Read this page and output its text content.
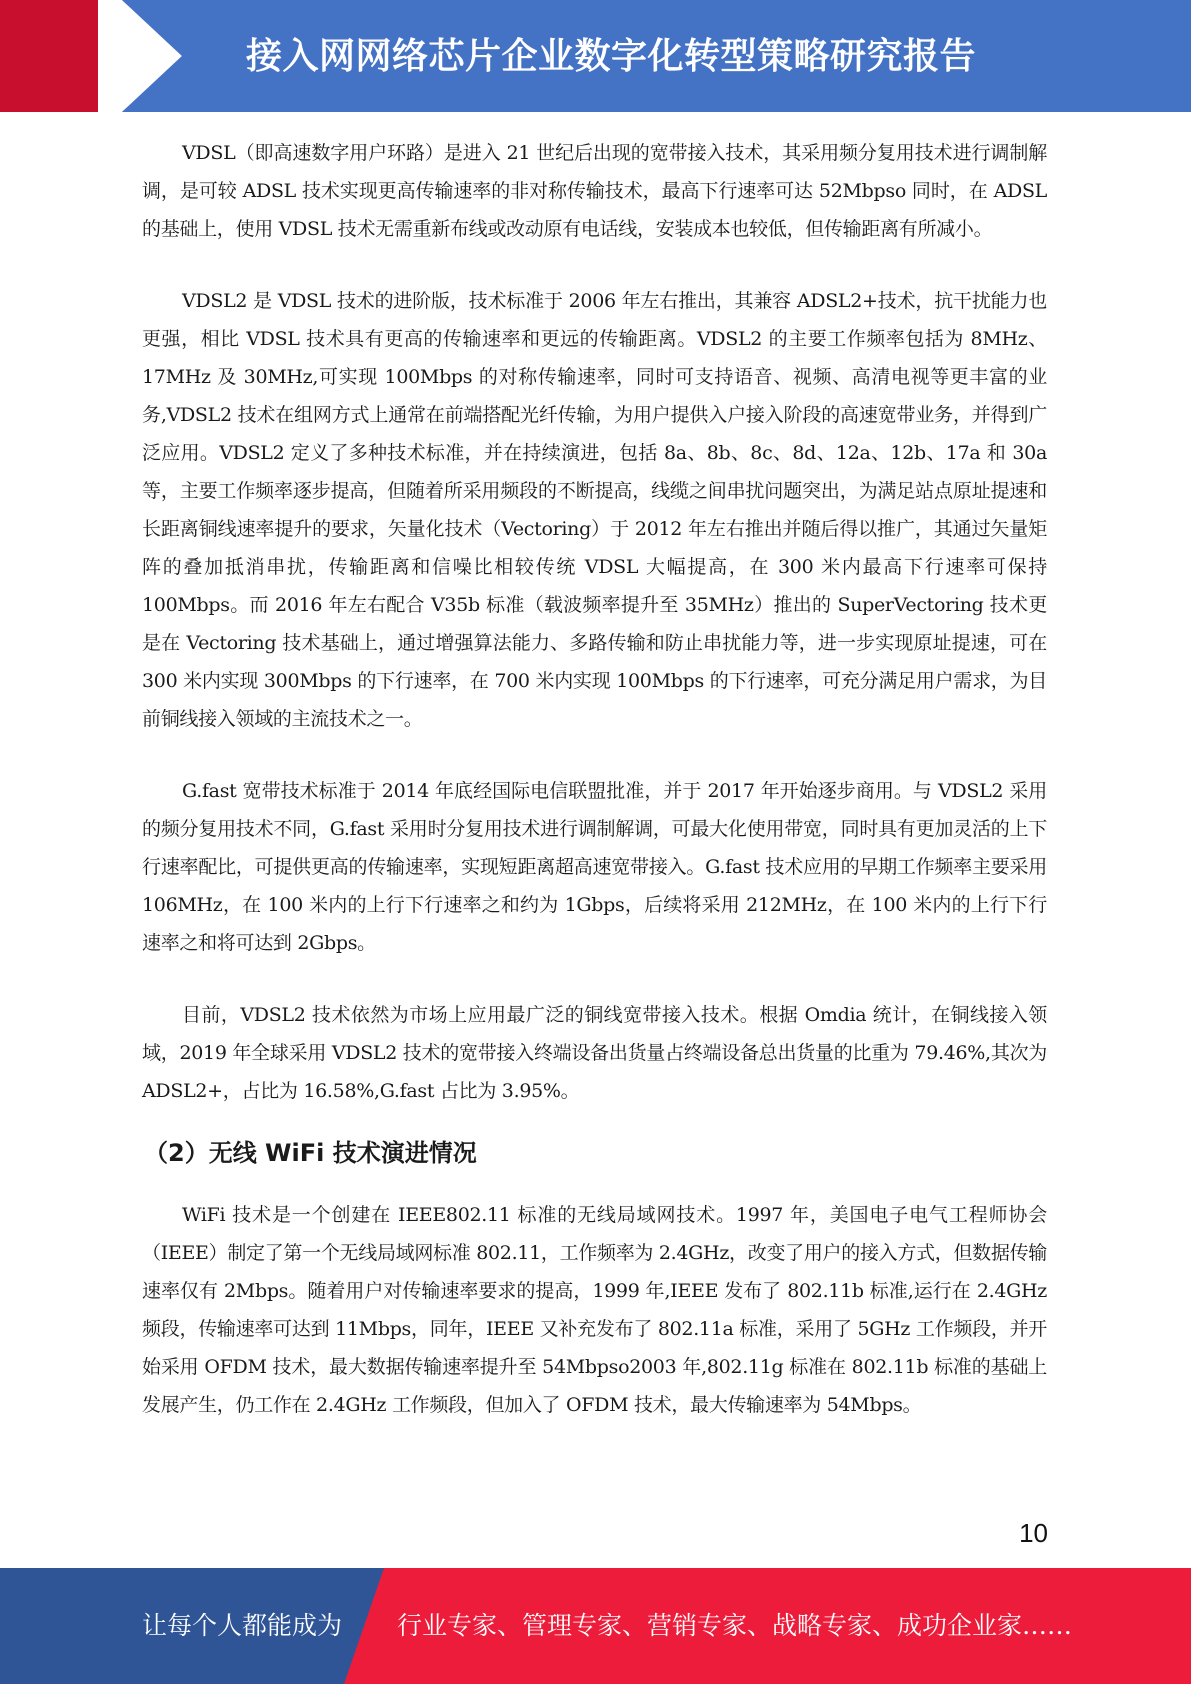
接入网网络芯片企业数字化转型策略研究报告

VDSL（即高速数字用户环路）是进入 21 世纪后出现的宽带接入技术，其采用频分复用技术进行调制解调，是可较 ADSL 技术实现更高传输速率的非对称传输技术，最高下行速率可达 52Mbpso 同时，在 ADSL 的基础上，使用 VDSL 技术无需重新布线或改动原有电话线，安装成本也较低，但传输距离有所减小。

VDSL2 是 VDSL 技术的进阶版，技术标准于 2006 年左右推出，其兼容 ADSL2+技术，抗干扰能力也更强，相比 VDSL 技术具有更高的传输速率和更远的传输距离。VDSL2 的主要工作频率包括为 8MHz、17MHz 及 30MHz,可实现 100Mbps 的对称传输速率，同时可支持语音、视频、高清电视等更丰富的业务,VDSL2 技术在组网方式上通常在前端搭配光纤传输，为用户提供入户接入阶段的高速宽带业务，并得到广泛应用。VDSL2 定义了多种技术标准，并在持续演进，包括 8a、8b、8c、8d、12a、12b、17a 和 30a 等，主要工作频率逐步提高，但随着所采用频段的不断提高，线缆之间串扰问题突出，为满足站点原址提速和长距离铜线速率提升的要求，矢量化技术（Vectoring）于 2012 年左右推出并随后得以推广，其通过矢量矩阵的叠加抵消串扰，传输距离和信噪比相较传统 VDSL 大幅提高，在 300 米内最高下行速率可保持 100Mbps。而 2016 年左右配合 V35b 标准（载波频率提升至 35MHz）推出的 SuperVectoring 技术更是在 Vectoring 技术基础上，通过增强算法能力、多路传输和防止串扰能力等，进一步实现原址提速，可在 300 米内实现 300Mbps 的下行速率，在 700 米内实现 100Mbps 的下行速率，可充分满足用户需求，为目前铜线接入领域的主流技术之一。

G.fast 宽带技术标准于 2014 年底经国际电信联盟批准，并于 2017 年开始逐步商用。与 VDSL2 采用的频分复用技术不同，G.fast 采用时分复用技术进行调制解调，可最大化使用带宽，同时具有更加灵活的上下行速率配比，可提供更高的传输速率，实现短距离超高速宽带接入。G.fast 技术应用的早期工作频率主要采用 106MHz，在 100 米内的上行下行速率之和约为 1Gbps，后续将采用 212MHz，在 100 米内的上行下行速率之和将可达到 2Gbps。

目前，VDSL2 技术依然为市场上应用最广泛的铜线宽带接入技术。根据 Omdia 统计，在铜线接入领域，2019 年全球采用 VDSL2 技术的宽带接入终端设备出货量占终端设备总出货量的比重为 79.46%,其次为 ADSL2+，占比为 16.58%,G.fast 占比为 3.95%。

（2）无线 WiFi 技术演进情况

WiFi 技术是一个创建在 IEEE802.11 标准的无线局域网技术。1997 年，美国电子电气工程师协会（IEEE）制定了第一个无线局域网标准 802.11，工作频率为 2.4GHz，改变了用户的接入方式，但数据传输速率仅有 2Mbps。随着用户对传输速率要求的提高，1999 年,IEEE 发布了 802.11b 标准,运行在 2.4GHz 频段，传输速率可达到 11Mbps，同年，IEEE 又补充发布了 802.11a 标准，采用了 5GHz 工作频段，并开始采用 OFDM 技术，最大数据传输速率提升至 54Mbpso2003 年,802.11g 标准在 802.11b 标准的基础上发展产生，仍工作在 2.4GHz 工作频段，但加入了 OFDM 技术，最大传输速率为 54Mbps。

10
让每个人都能成为 行业专家、管理专家、营销专家、战略专家、成功企业家……
